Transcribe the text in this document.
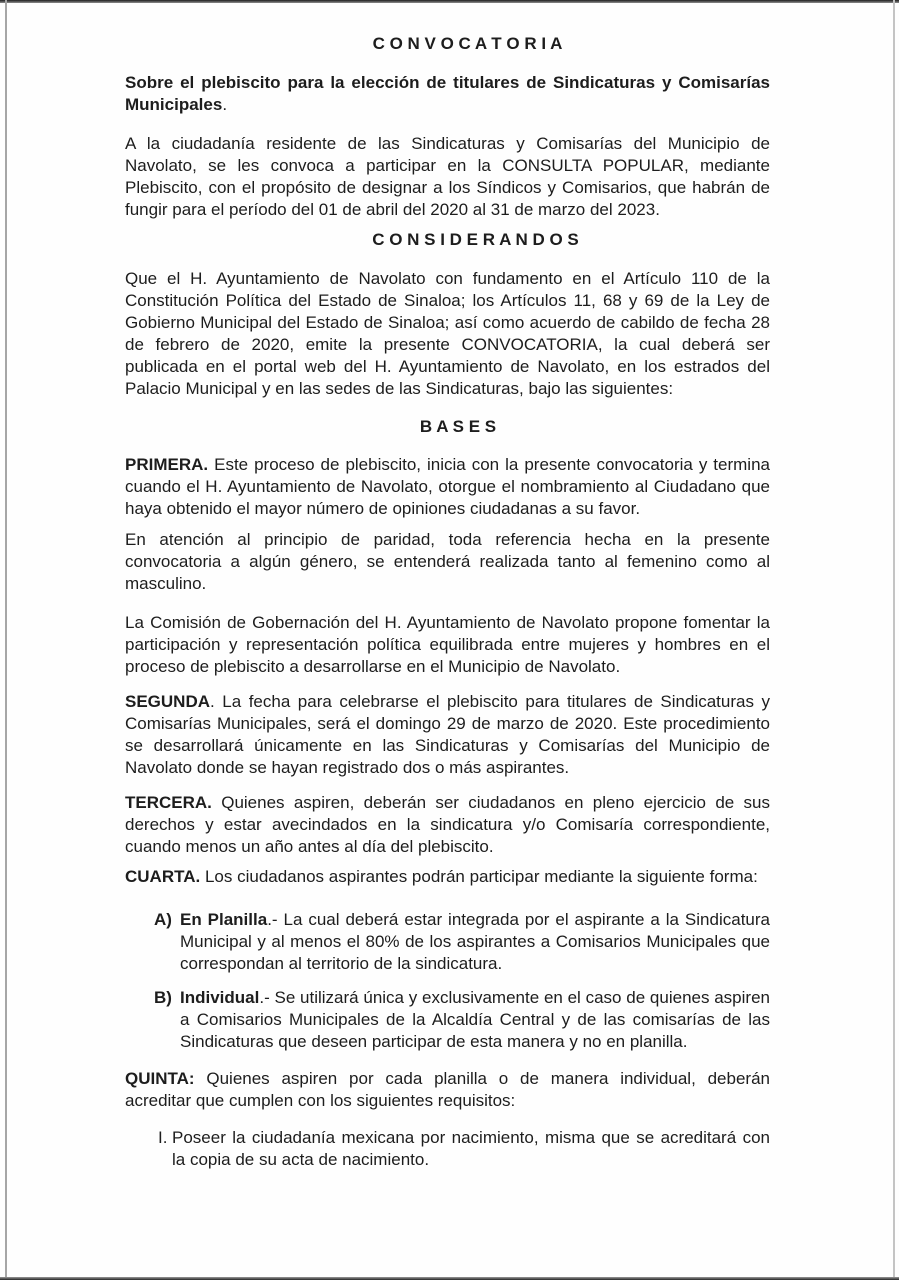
C O N V O C A T O R I A

Sobre el plebiscito para la elección de titulares de Sindicaturas y Comisarías Municipales.

A la ciudadanía residente de las Sindicaturas y Comisarías del Municipio de Navolato, se les convoca a participar en la CONSULTA POPULAR, mediante Plebiscito, con el propósito de designar a los Síndicos y Comisarios, que habrán de fungir para el período del 01 de abril del 2020 al 31 de marzo del 2023.

C O N S I D E R A N D O S

Que el H. Ayuntamiento de Navolato con fundamento en el Artículo 110 de la Constitución Política del Estado de Sinaloa; los Artículos 11, 68 y 69 de la Ley de Gobierno Municipal del Estado de Sinaloa; así como acuerdo de cabildo de fecha 28 de febrero de 2020, emite la presente CONVOCATORIA, la cual deberá ser publicada en el portal web del H. Ayuntamiento de Navolato, en los estrados del Palacio Municipal y en las sedes de las Sindicaturas, bajo las siguientes:

B A S E S

PRIMERA. Este proceso de plebiscito, inicia con la presente convocatoria y termina cuando el H. Ayuntamiento de Navolato, otorgue el nombramiento al Ciudadano que haya obtenido el mayor número de opiniones ciudadanas a su favor.

En atención al principio de paridad, toda referencia hecha en la presente convocatoria a algún género, se entenderá realizada tanto al femenino como al masculino.

La Comisión de Gobernación del H. Ayuntamiento de Navolato propone fomentar la participación y representación política equilibrada entre mujeres y hombres en el proceso de plebiscito a desarrollarse en el Municipio de Navolato.

SEGUNDA. La fecha para celebrarse el plebiscito para titulares de Sindicaturas y Comisarías Municipales, será el domingo 29 de marzo de 2020. Este procedimiento se desarrollará únicamente en las Sindicaturas y Comisarías del Municipio de Navolato donde se hayan registrado dos o más aspirantes.

TERCERA. Quienes aspiren, deberán ser ciudadanos en pleno ejercicio de sus derechos y estar avecindados en la sindicatura y/o Comisaría correspondiente, cuando menos un año antes al día del plebiscito.

CUARTA. Los ciudadanos aspirantes podrán participar mediante la siguiente forma:

A) En Planilla.- La cual deberá estar integrada por el aspirante a la Sindicatura Municipal y al menos el 80% de los aspirantes a Comisarios Municipales que correspondan al territorio de la sindicatura.
B) Individual.- Se utilizará única y exclusivamente en el caso de quienes aspiren a Comisarios Municipales de la Alcaldía Central y de las comisarías de las Sindicaturas que deseen participar de esta manera y no en planilla.

QUINTA: Quienes aspiren por cada planilla o de manera individual, deberán acreditar que cumplen con los siguientes requisitos:

I. Poseer la ciudadanía mexicana por nacimiento, misma que se acreditará con la copia de su acta de nacimiento.
